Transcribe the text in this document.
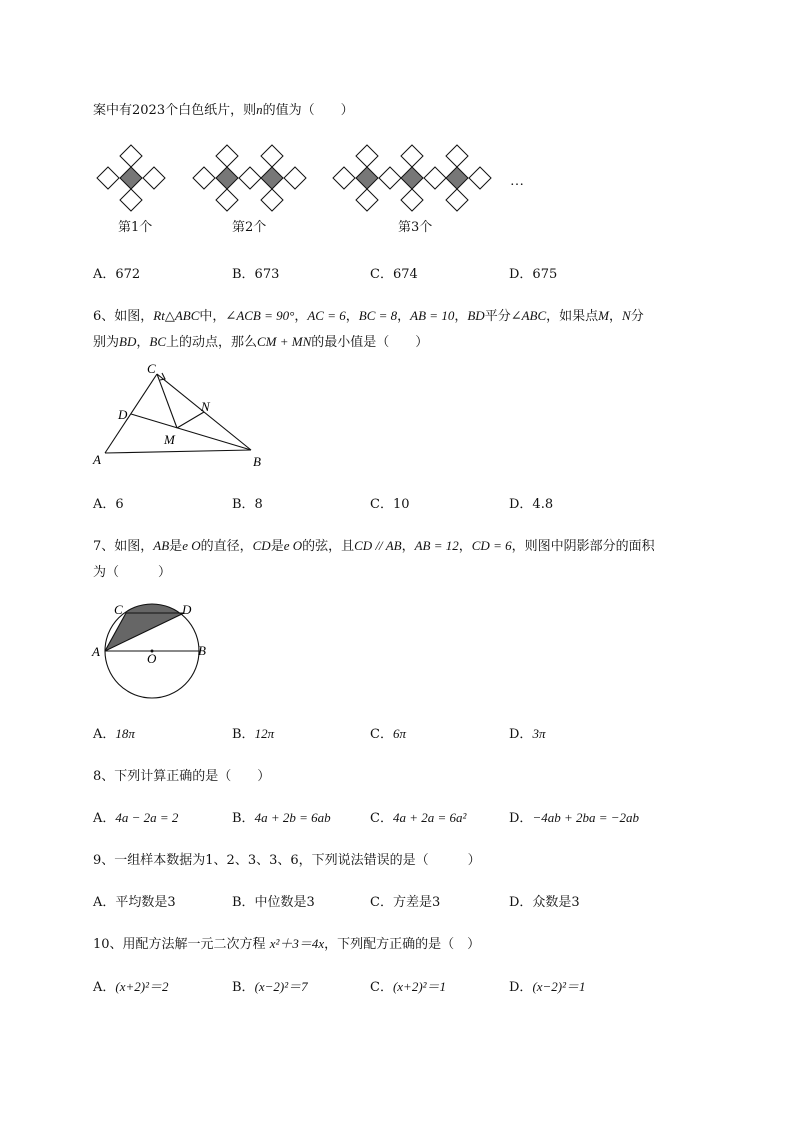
案中有2023个白色纸片，则n的值为（　　）
…
第1个	第2个	第3个
A．672	B．673	C．674	D．675
6、如图，Rt△ABC中，∠ACB = 90°，AC = 6，BC = 8，AB = 10，BD平分∠ABC，如果点M，N分
别为BD，BC上的动点，那么CM + MN的最小值是（　　）
C
D
N
M
A	B
A．6	B．8	C．10	D．4.8
7、如图，AB是e O的直径，CD是e O的弦，且CD // AB，AB = 12，CD = 6，则图中阴影部分的面积
为（　　　）
C	D
A	B
O
A．18π	B．12π	C．6π	D．3π
8、下列计算正确的是（　　）
A．4a − 2a = 2	B．4a + 2b = 6ab	C．4a + 2a = 6a²	D．−4ab + 2ba = −2ab
9、一组样本数据为1、2、3、3、6，下列说法错误的是（　　　）
A．平均数是3	B．中位数是3	C．方差是3	D．众数是3
10、用配方法解一元二次方程 x²＋3＝4x，下列配方正确的是（　）
A．(x+2)²＝2	B．(x−2)²＝7	C．(x+2)²＝1	D．(x−2)²＝1
